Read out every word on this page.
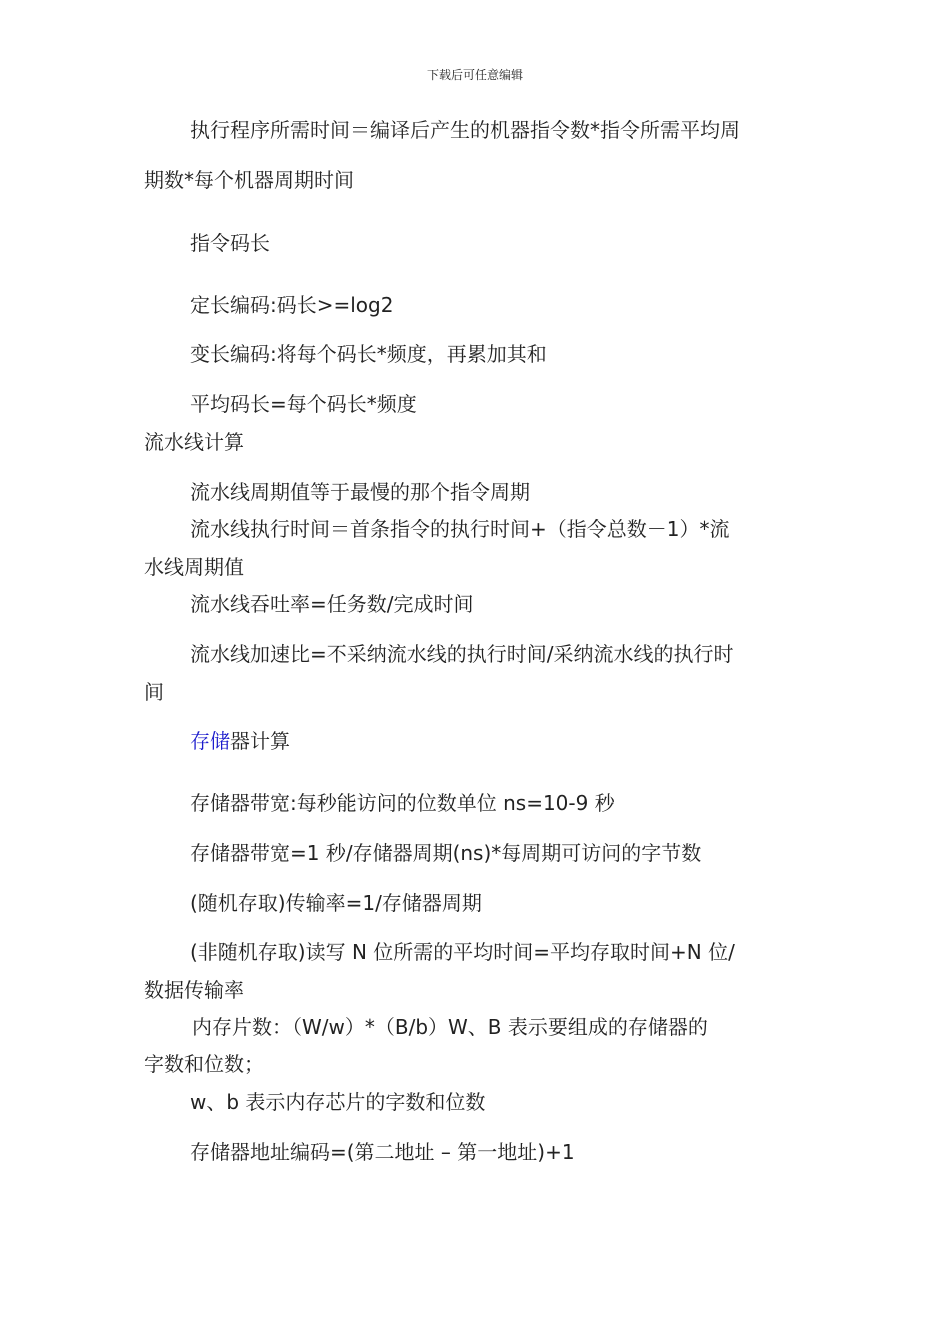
下载后可任意编辑
执行程序所需时间＝编译后产生的机器指令数*指令所需平均周
期数*每个机器周期时间
指令码长
定长编码:码长>=log2
变长编码:将每个码长*频度，再累加其和
平均码长=每个码长*频度
流水线计算
流水线周期值等于最慢的那个指令周期
流水线执行时间＝首条指令的执行时间+（指令总数－1）*流
水线周期值
流水线吞吐率=任务数/完成时间
流水线加速比=不采纳流水线的执行时间/采纳流水线的执行时
间
存储器计算
存储器带宽:每秒能访问的位数单位 ns=10-9 秒
存储器带宽=1 秒/存储器周期(ns)*每周期可访问的字节数
(随机存取)传输率=1/存储器周期
(非随机存取)读写 N 位所需的平均时间=平均存取时间+N 位/
数据传输率
内存片数：（W/w）*（B/b）W、B 表示要组成的存储器的
字数和位数；
w、b 表示内存芯片的字数和位数
存储器地址编码=(第二地址 – 第一地址)+1
